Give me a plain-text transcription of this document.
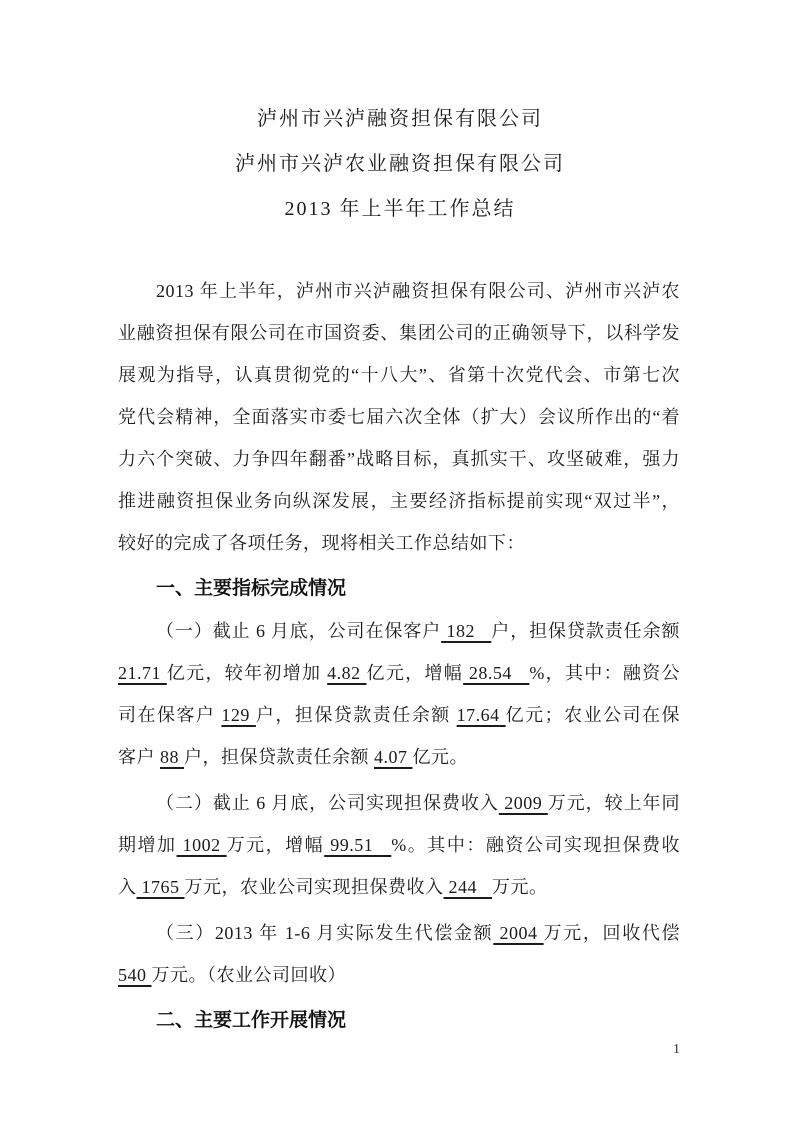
泸州市兴泸融资担保有限公司
泸州市兴泸农业融资担保有限公司
2013 年上半年工作总结
2013 年上半年，泸州市兴泸融资担保有限公司、泸州市兴泸农
业融资担保有限公司在市国资委、集团公司的正确领导下，以科学发
展观为指导，认真贯彻党的“十八大”、省第十次党代会、市第七次
党代会精神，全面落实市委七届六次全体（扩大）会议所作出的“着
力六个突破、力争四年翻番”战略目标，真抓实干、攻坚破难，强力
推进融资担保业务向纵深发展，主要经济指标提前实现“双过半”，
较好的完成了各项任务，现将相关工作总结如下：
一、主要指标完成情况
（一）截止 6 月底，公司在保客户 182   户，担保贷款责任余额
21.71 亿元，较年初增加 4.82 亿元，增幅 28.54   %，其中：融资公
司在保客户 129 户，担保贷款责任余额 17.64 亿元；农业公司在保
客户 88 户，担保贷款责任余额 4.07 亿元。
（二）截止 6 月底，公司实现担保费收入 2009 万元，较上年同
期增加 1002 万元，增幅 99.51   %。其中：融资公司实现担保费收
入 1765 万元，农业公司实现担保费收入 244   万元。
（三）2013 年 1-6 月实际发生代偿金额 2004 万元，回收代偿
540 万元。（农业公司回收）
二、主要工作开展情况
1
